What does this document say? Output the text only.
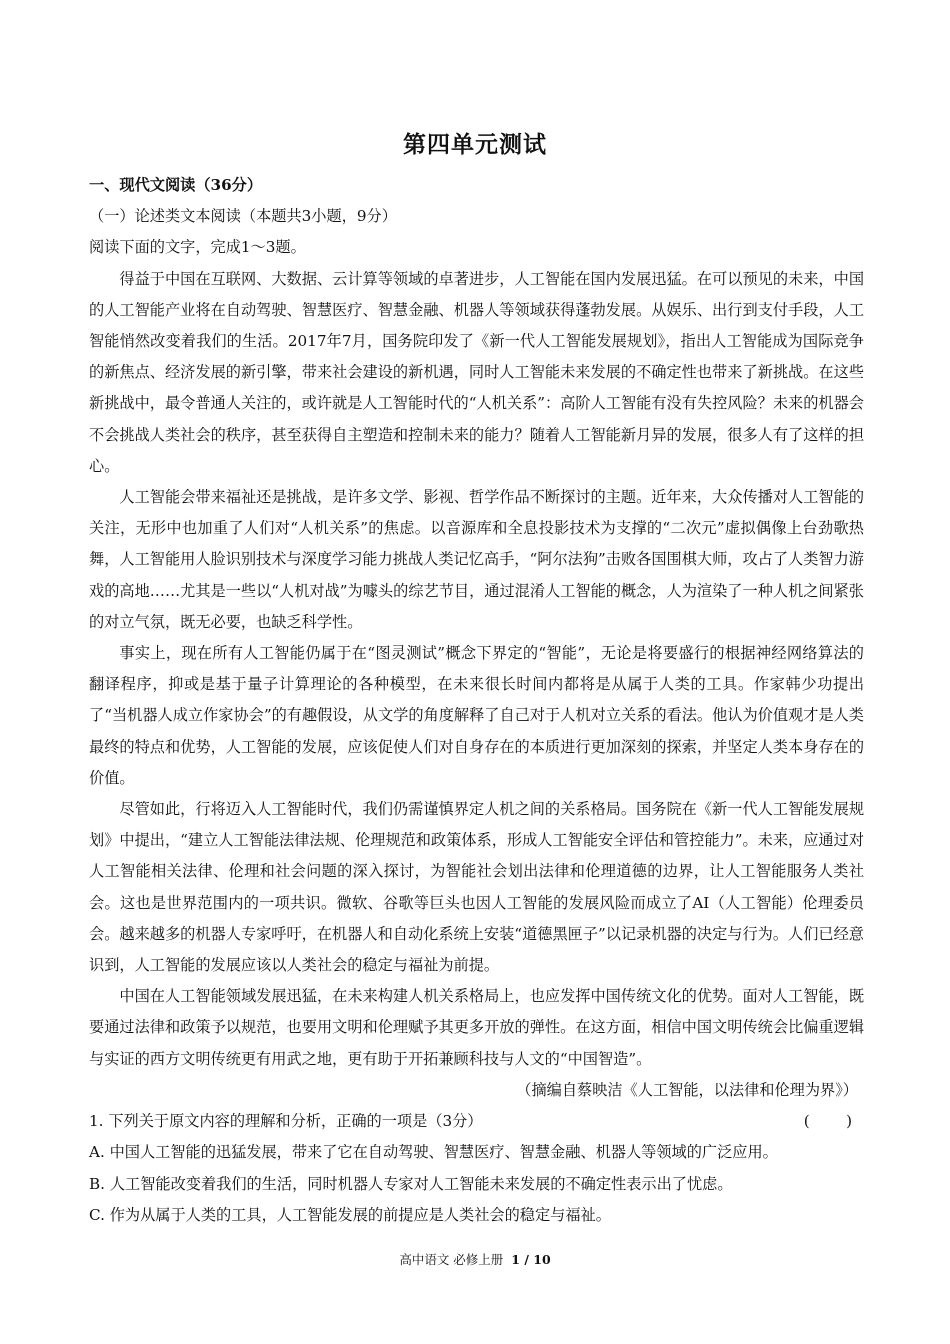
第四单元测试

一、现代文阅读（36分）

（一）论述类文本阅读（本题共3小题，9分）

阅读下面的文字，完成1～3题。

得益于中国在互联网、大数据、云计算等领域的卓著进步，人工智能在国内发展迅猛。在可以预见的未来，中国的人工智能产业将在自动驾驶、智慧医疗、智慧金融、机器人等领域获得蓬勃发展。从娱乐、出行到支付手段，人工智能悄然改变着我们的生活。2017年7月，国务院印发了《新一代人工智能发展规划》，指出人工智能成为国际竞争的新焦点、经济发展的新引擎，带来社会建设的新机遇，同时人工智能未来发展的不确定性也带来了新挑战。在这些新挑战中，最令普通人关注的，或许就是人工智能时代的“人机关系”：高阶人工智能有没有失控风险？未来的机器会不会挑战人类社会的秩序，甚至获得自主塑造和控制未来的能力？随着人工智能新月异的发展，很多人有了这样的担心。

人工智能会带来福祉还是挑战，是许多文学、影视、哲学作品不断探讨的主题。近年来，大众传播对人工智能的关注，无形中也加重了人们对“人机关系”的焦虑。以音源库和全息投影技术为支撑的“二次元”虚拟偶像上台劲歌热舞，人工智能用人脸识别技术与深度学习能力挑战人类记忆高手，“阿尔法狗”击败各国围棋大师，攻占了人类智力游戏的高地……尤其是一些以“人机对战”为噱头的综艺节目，通过混淆人工智能的概念，人为渲染了一种人机之间紧张的对立气氛，既无必要，也缺乏科学性。

事实上，现在所有人工智能仍属于在“图灵测试”概念下界定的“智能”，无论是将要盛行的根据神经网络算法的翻译程序，抑或是基于量子计算理论的各种模型，在未来很长时间内都将是从属于人类的工具。作家韩少功提出了“当机器人成立作家协会”的有趣假设，从文学的角度解释了自己对于人机对立关系的看法。他认为价值观才是人类最终的特点和优势，人工智能的发展，应该促使人们对自身存在的本质进行更加深刻的探索，并坚定人类本身存在的价值。

尽管如此，行将迈入人工智能时代，我们仍需谨慎界定人机之间的关系格局。国务院在《新一代人工智能发展规划》中提出，“建立人工智能法律法规、伦理规范和政策体系，形成人工智能安全评估和管控能力”。未来，应通过对人工智能相关法律、伦理和社会问题的深入探讨，为智能社会划出法律和伦理道德的边界，让人工智能服务人类社会。这也是世界范围内的一项共识。微软、谷歌等巨头也因人工智能的发展风险而成立了AI（人工智能）伦理委员会。越来越多的机器人专家呼吁，在机器人和自动化系统上安装“道德黑匣子”以记录机器的决定与行为。人们已经意识到，人工智能的发展应该以人类社会的稳定与福祉为前提。

中国在人工智能领域发展迅猛，在未来构建人机关系格局上，也应发挥中国传统文化的优势。面对人工智能，既要通过法律和政策予以规范，也要用文明和伦理赋予其更多开放的弹性。在这方面，相信中国文明传统会比偏重逻辑与实证的西方文明传统更有用武之地，更有助于开拓兼顾科技与人文的“中国智造”。

（摘编自蔡映洁《人工智能，以法律和伦理为界》）

1. 下列关于原文内容的理解和分析，正确的一项是（3分）	(　　)

A. 中国人工智能的迅猛发展，带来了它在自动驾驶、智慧医疗、智慧金融、机器人等领域的广泛应用。

B. 人工智能改变着我们的生活，同时机器人专家对人工智能未来发展的不确定性表示出了忧虑。

C. 作为从属于人类的工具，人工智能发展的前提应是人类社会的稳定与福祉。

高中语文 必修上册 1 / 10
